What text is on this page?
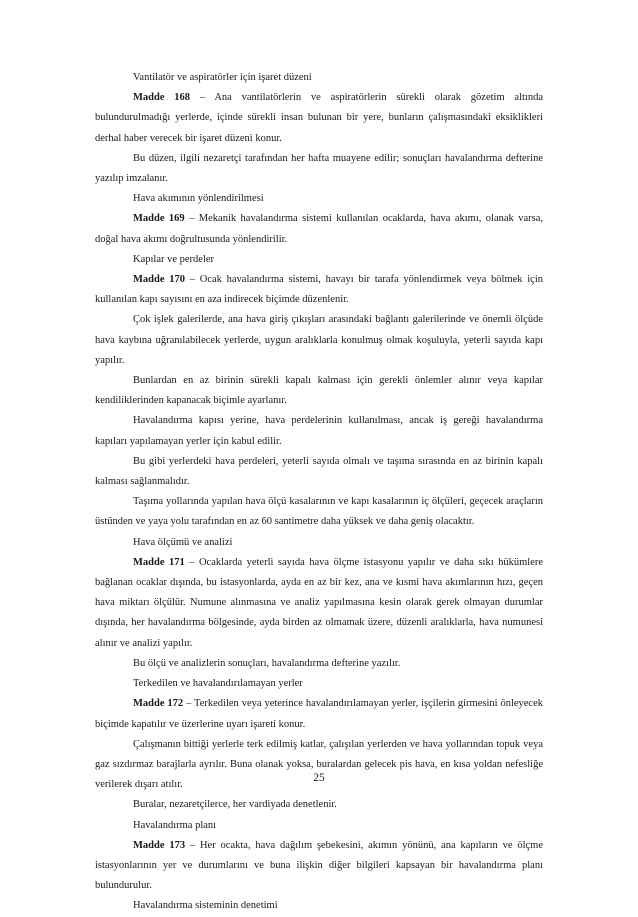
Vantilatör ve aspiratörler için işaret düzeni

Madde 168 – Ana vantilatörlerin ve aspiratörlerin sürekli olarak gözetim altında bulundurulmadığı yerlerde, içinde sürekli insan bulunan bir yere, bunların çalışmasındaki eksiklikleri derhal haber verecek bir işaret düzeni konur.

Bu düzen, ilgili nezaretçi tarafından her hafta muayene edilir; sonuçları havalandırma defterine yazılıp imzalanır.

Hava akımının yönlendirilmesi

Madde 169 – Mekanik havalandırma sistemi kullanılan ocaklarda, hava akımı, olanak varsa, doğal hava akımı doğrultusunda yönlendirilir.

Kapılar ve perdeler

Madde 170 – Ocak havalandırma sistemi, havayı bir tarafa yönlendirmek veya bölmek için kullanılan kapı sayısını en aza indirecek biçimde düzenlenir.

Çok işlek galerilerde, ana hava giriş çıkışları arasındaki bağlantı galerilerinde ve önemli ölçüde hava kaybına uğranılabilecek yerlerde, uygun aralıklarla konulmuş olmak koşuluyla, yeterli sayıda kapı yapılır.

Bunlardan en az birinin sürekli kapalı kalması için gerekli önlemler alınır veya kapılar kendiliklerinden kapanacak biçimle ayarlanır.

Havalandırma kapısı yerine, hava perdelerinin kullanılması, ancak iş gereği havalandırma kapıları yapılamayan yerler için kabul edilir.

Bu gibi yerlerdeki hava perdeleri, yeterli sayıda olmalı ve taşıma sırasında en az birinin kapalı kalması sağlanmalıdır.

Taşıma yollarında yapılan hava ölçü kasalarının ve kapı kasalarının iç ölçüleri, geçecek araçların üstünden ve yaya yolu tarafından en az 60 santimetre daha yüksek ve daha geniş olacaktır.

Hava ölçümü ve analizi

Madde 171 – Ocaklarda yeterli sayıda hava ölçme istasyonu yapılır ve daha sıkı hükümlere bağlanan ocaklar dışında, bu istasyonlarda, ayda en az bir kez, ana ve kısmi hava akımlarının hızı, geçen hava miktarı ölçülür. Numune alınmasına ve analiz yapılmasına kesin olarak gerek olmayan durumlar dışında, her havalandırma bölgesinde, ayda birden az olmamak üzere, düzenli aralıklarla, hava numunesi alınır ve analizi yapılır.

Bu ölçü ve analizlerin sonuçları, havalandırma defterine yazılır.

Terkedilen ve havalandırılamayan yerler

Madde 172 – Terkedilen veya yeterince havalandırılamayan yerler, işçilerin girmesini önleyecek biçimde kapatılır ve üzerlerine uyarı işareti konur.

Çalışmanın bittiği yerlerle terk edilmiş katlar, çalışılan yerlerden ve hava yollarından topuk veya gaz sızdırmaz barajlarla ayrılır. Buna olanak yoksa, buralardan gelecek pis hava, en kısa yoldan nefesliğe verilerek dışarı atılır.

Buralar, nezaretçilerce, her vardiyada denetlenir.

Havalandırma planı

Madde 173 – Her ocakta, hava dağılım şebekesini, akımın yönünü, ana kapıların ve ölçme istasyonlarının yer ve durumlarını ve buna ilişkin diğer bilgileri kapsayan bir havalandırma planı bulundurulur.

Havalandırma sisteminin denetimi

25
